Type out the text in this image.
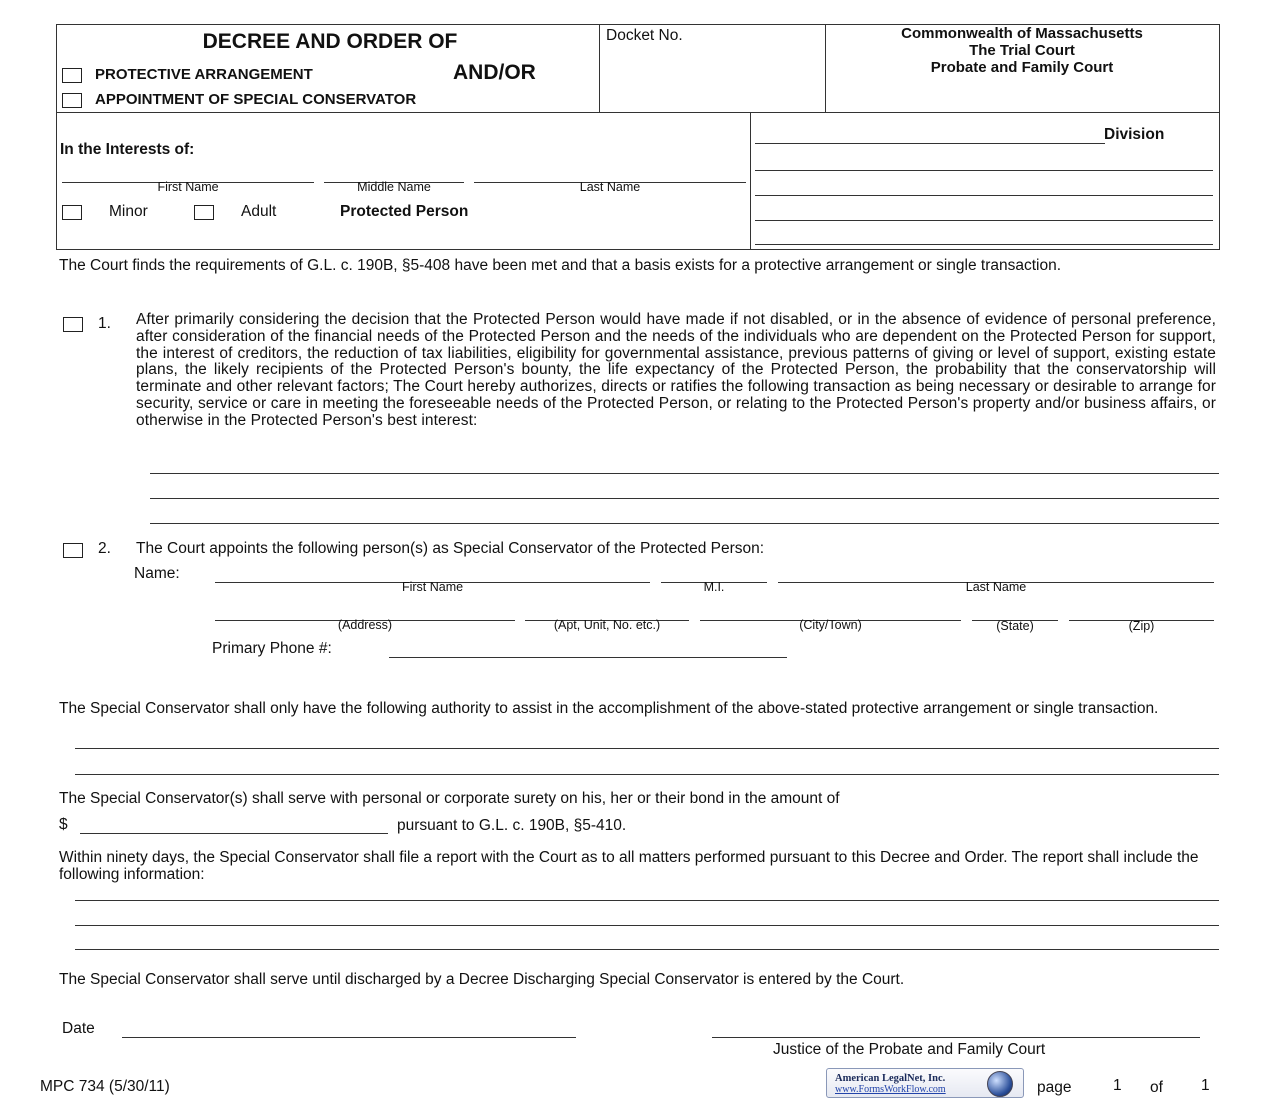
DECREE AND ORDER OF
PROTECTIVE ARRANGEMENT	AND/OR
APPOINTMENT OF SPECIAL CONSERVATOR
Docket No.	Commonwealth of Massachusetts
The Trial Court
Probate and Family Court
In the Interests of:
First Name	Middle Name	Last Name
Minor	Adult	Protected Person
Division
The Court finds the requirements of G.L. c. 190B, §5-408 have been met and that a basis exists for a protective arrangement or single transaction.
1. After primarily considering the decision that the Protected Person would have made if not disabled, or in the absence of evidence of personal preference, after consideration of the financial needs of the Protected Person and the needs of the individuals who are dependent on the Protected Person for support, the interest of creditors, the reduction of tax liabilities, eligibility for governmental assistance, previous patterns of giving or level of support, existing estate plans, the likely recipients of the Protected Person's bounty, the life expectancy of the Protected Person, the probability that the conservatorship will terminate and other relevant factors; The Court hereby authorizes, directs or ratifies the following transaction as being necessary or desirable to arrange for security, service or care in meeting the foreseeable needs of the Protected Person, or relating to the Protected Person's property and/or business affairs, or otherwise in the Protected Person's best interest:
2. The Court appoints the following person(s) as Special Conservator of the Protected Person:
Name:
First Name	M.I.	Last Name
(Address)	(Apt, Unit, No. etc.)	(City/Town)	(State)	(Zip)
Primary Phone #:
The Special Conservator shall only have the following authority to assist in the accomplishment of the above-stated protective arrangement or single transaction.
The Special Conservator(s) shall serve with personal or corporate surety on his, her or their bond in the amount of
$	pursuant to G.L. c. 190B, §5-410.
Within ninety days, the Special Conservator shall file a report with the Court as to all matters performed pursuant to this Decree and Order. The report shall include the following information:
The Special Conservator shall serve until discharged by a Decree Discharging Special Conservator is entered by the Court.
Date
Justice of the Probate and Family Court
MPC 734 (5/30/11)	American LegalNet, Inc.
www.FormsWorkFlow.com	page	1 of 1
